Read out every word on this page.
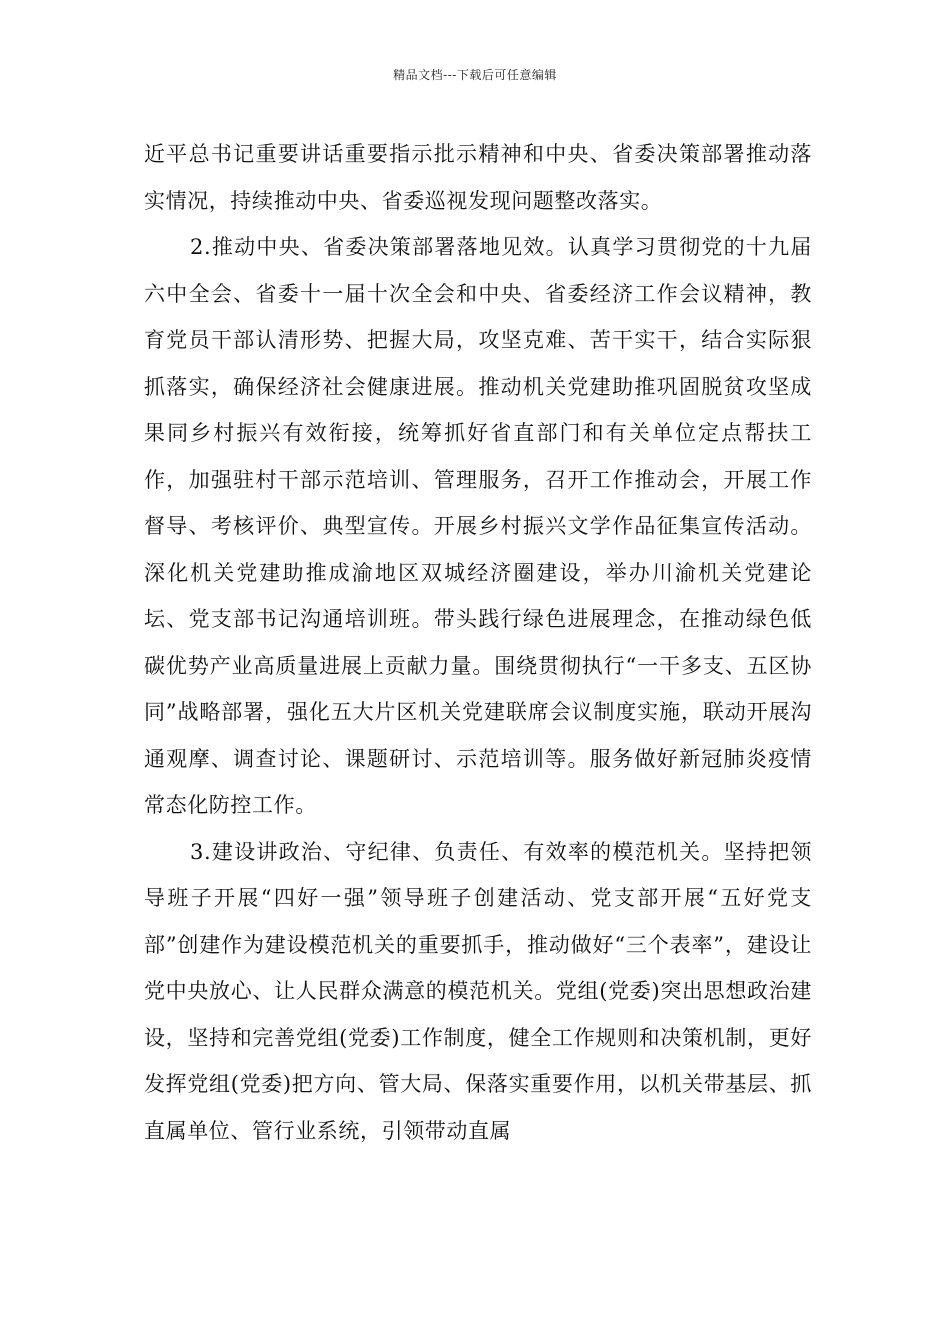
精品文档---下载后可任意编辑

近平总书记重要讲话重要指示批示精神和中央、省委决策部署推动落实情况，持续推动中央、省委巡视发现问题整改落实。

2.推动中央、省委决策部署落地见效。认真学习贯彻党的十九届六中全会、省委十一届十次全会和中央、省委经济工作会议精神，教育党员干部认清形势、把握大局，攻坚克难、苦干实干，结合实际狠抓落实，确保经济社会健康进展。推动机关党建助推巩固脱贫攻坚成果同乡村振兴有效衔接，统筹抓好省直部门和有关单位定点帮扶工作，加强驻村干部示范培训、管理服务，召开工作推动会，开展工作督导、考核评价、典型宣传。开展乡村振兴文学作品征集宣传活动。深化机关党建助推成渝地区双城经济圈建设，举办川渝机关党建论坛、党支部书记沟通培训班。带头践行绿色进展理念，在推动绿色低碳优势产业高质量进展上贡献力量。围绕贯彻执行“一干多支、五区协同”战略部署，强化五大片区机关党建联席会议制度实施，联动开展沟通观摩、调查讨论、课题研讨、示范培训等。服务做好新冠肺炎疫情常态化防控工作。

3.建设讲政治、守纪律、负责任、有效率的模范机关。坚持把领导班子开展“四好一强”领导班子创建活动、党支部开展“五好党支部”创建作为建设模范机关的重要抓手，推动做好“三个表率”，建设让党中央放心、让人民群众满意的模范机关。党组(党委)突出思想政治建设，坚持和完善党组(党委)工作制度，健全工作规则和决策机制，更好发挥党组(党委)把方向、管大局、保落实重要作用，以机关带基层、抓直属单位、管行业系统，引领带动直属
